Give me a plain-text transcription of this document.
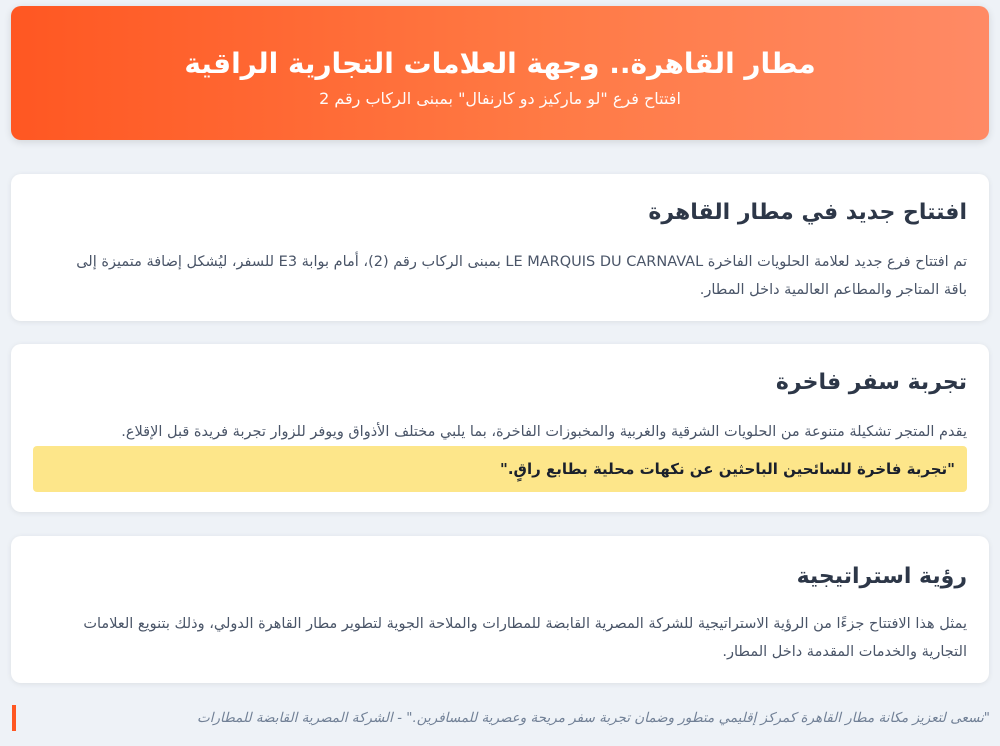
مطار القاهرة.. وجهة العلامات التجارية الراقية

افتتاح فرع "لو ماركيز دو كارنفال" بمبنى الركاب رقم 2

افتتاح جديد في مطار القاهرة

تم افتتاح فرع جديد لعلامة الحلويات الفاخرة LE MARQUIS DU CARNAVAL بمبنى الركاب رقم (2)، أمام بوابة E3 للسفر، ليُشكل إضافة متميزة إلى

باقة المتاجر والمطاعم العالمية داخل المطار.

تجربة سفر فاخرة

يقدم المتجر تشكيلة متنوعة من الحلويات الشرقية والغربية والمخبوزات الفاخرة، بما يلبي مختلف الأذواق ويوفر للزوار تجربة فريدة قبل الإقلاع.

"تجربة فاخرة للسائحين الباحثين عن نكهات محلية بطابع راقٍ."
رؤية استراتيجية

يمثل هذا الافتتاح جزءًا من الرؤية الاستراتيجية للشركة المصرية القابضة للمطارات والملاحة الجوية لتطوير مطار القاهرة الدولي، وذلك بتنويع العلامات

التجارية والخدمات المقدمة داخل المطار.

"نسعى لتعزيز مكانة مطار القاهرة كمركز إقليمي متطور وضمان تجربة سفر مريحة وعصرية للمسافرين." - الشركة المصرية القابضة للمطارات
